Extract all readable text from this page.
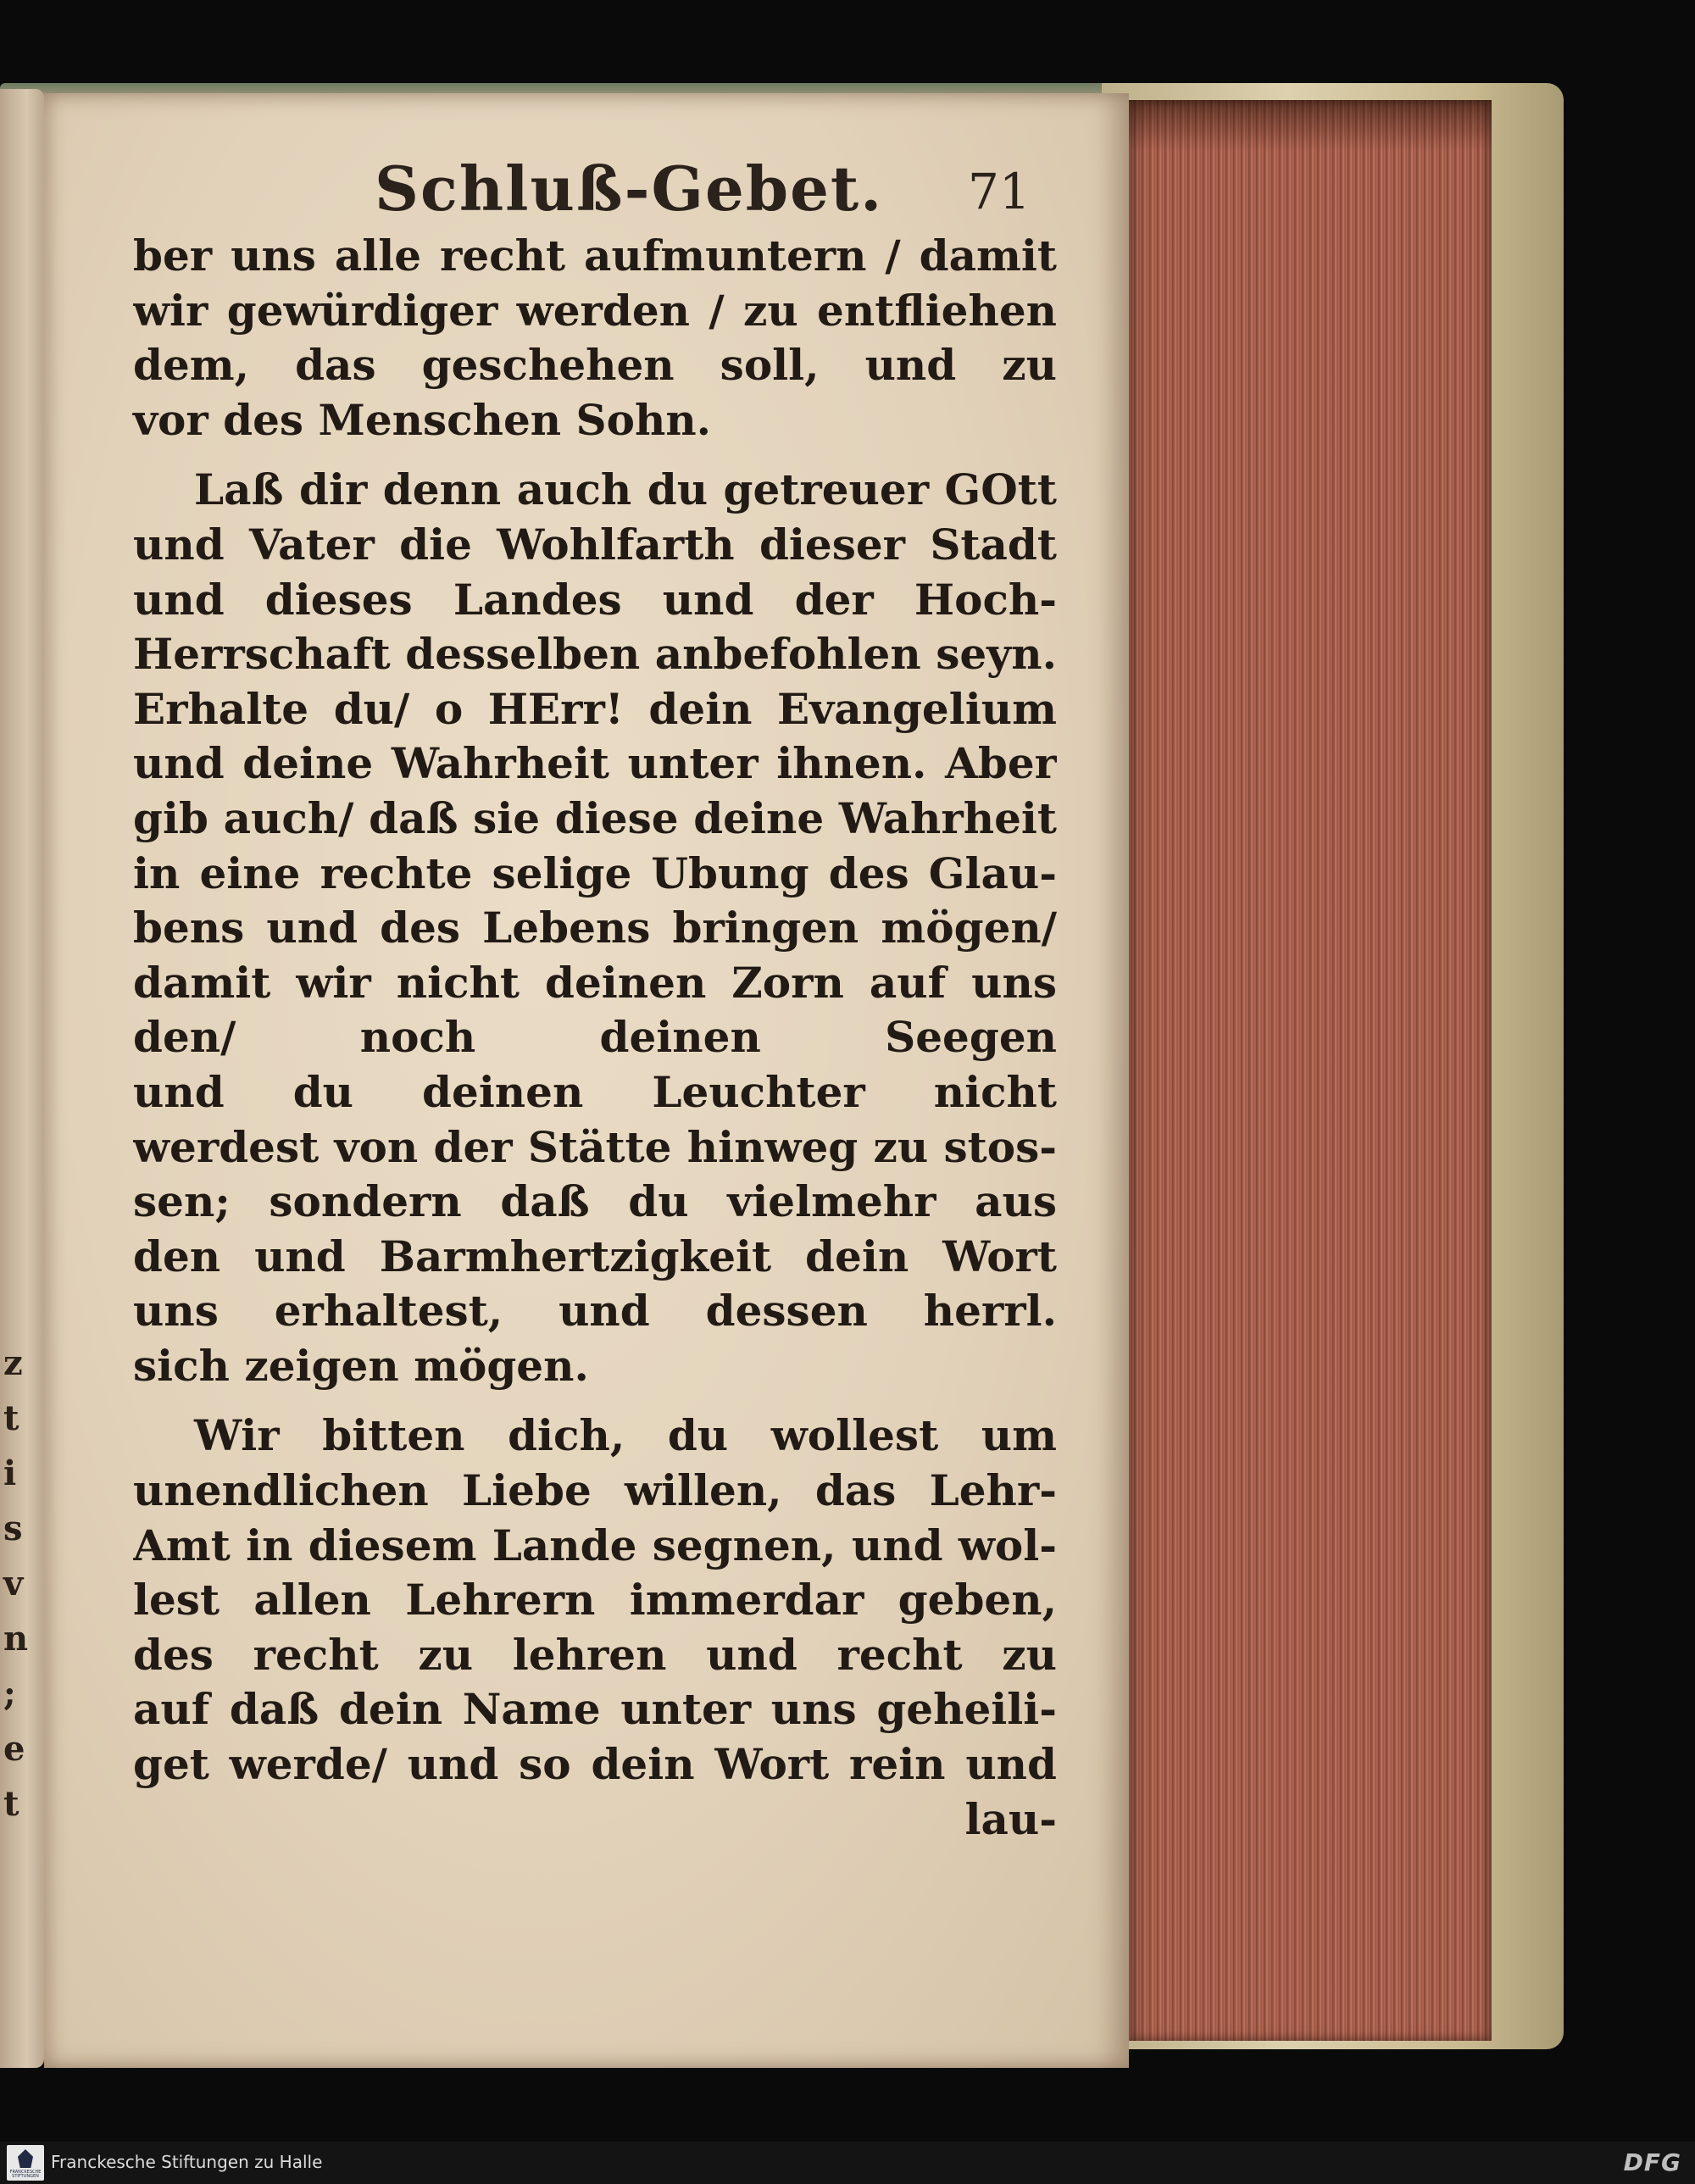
z
t
i
s
v
n
;
e
t
Schluß-Gebet. 71
ber uns alle recht aufmuntern / damit
wir gewürdiger werden / zu entfliehen
dem, das geschehen soll, und zu
vor des Menschen Sohn.
Laß dir denn auch du getreuer GOtt
und Vater die Wohlfarth dieser Stadt
und dieses Landes und der Hoch-
Herrschaft desselben anbefohlen seyn.
Erhalte du/ o HErr! dein Evangelium
und deine Wahrheit unter ihnen. Aber
gib auch/ daß sie diese deine Wahrheit
in eine rechte selige Ubung des Glau-
bens und des Lebens bringen mögen/
damit wir nicht deinen Zorn auf uns
den/ noch deinen Seegen
und du deinen Leuchter nicht
werdest von der Stätte hinweg zu stos-
sen; sondern daß du vielmehr aus
den und Barmhertzigkeit dein Wort
uns erhaltest, und dessen herrl.
sich zeigen mögen.
Wir bitten dich, du wollest um
unendlichen Liebe willen, das Lehr-
Amt in diesem Lande segnen, und wol-
lest allen Lehrern immerdar geben,
des recht zu lehren und recht zu
auf daß dein Name unter uns geheili-
get werde/ und so dein Wort rein und
lau-
FRANCKESCHE STIFTUNGEN
Franckesche Stiftungen zu Halle	DFG
